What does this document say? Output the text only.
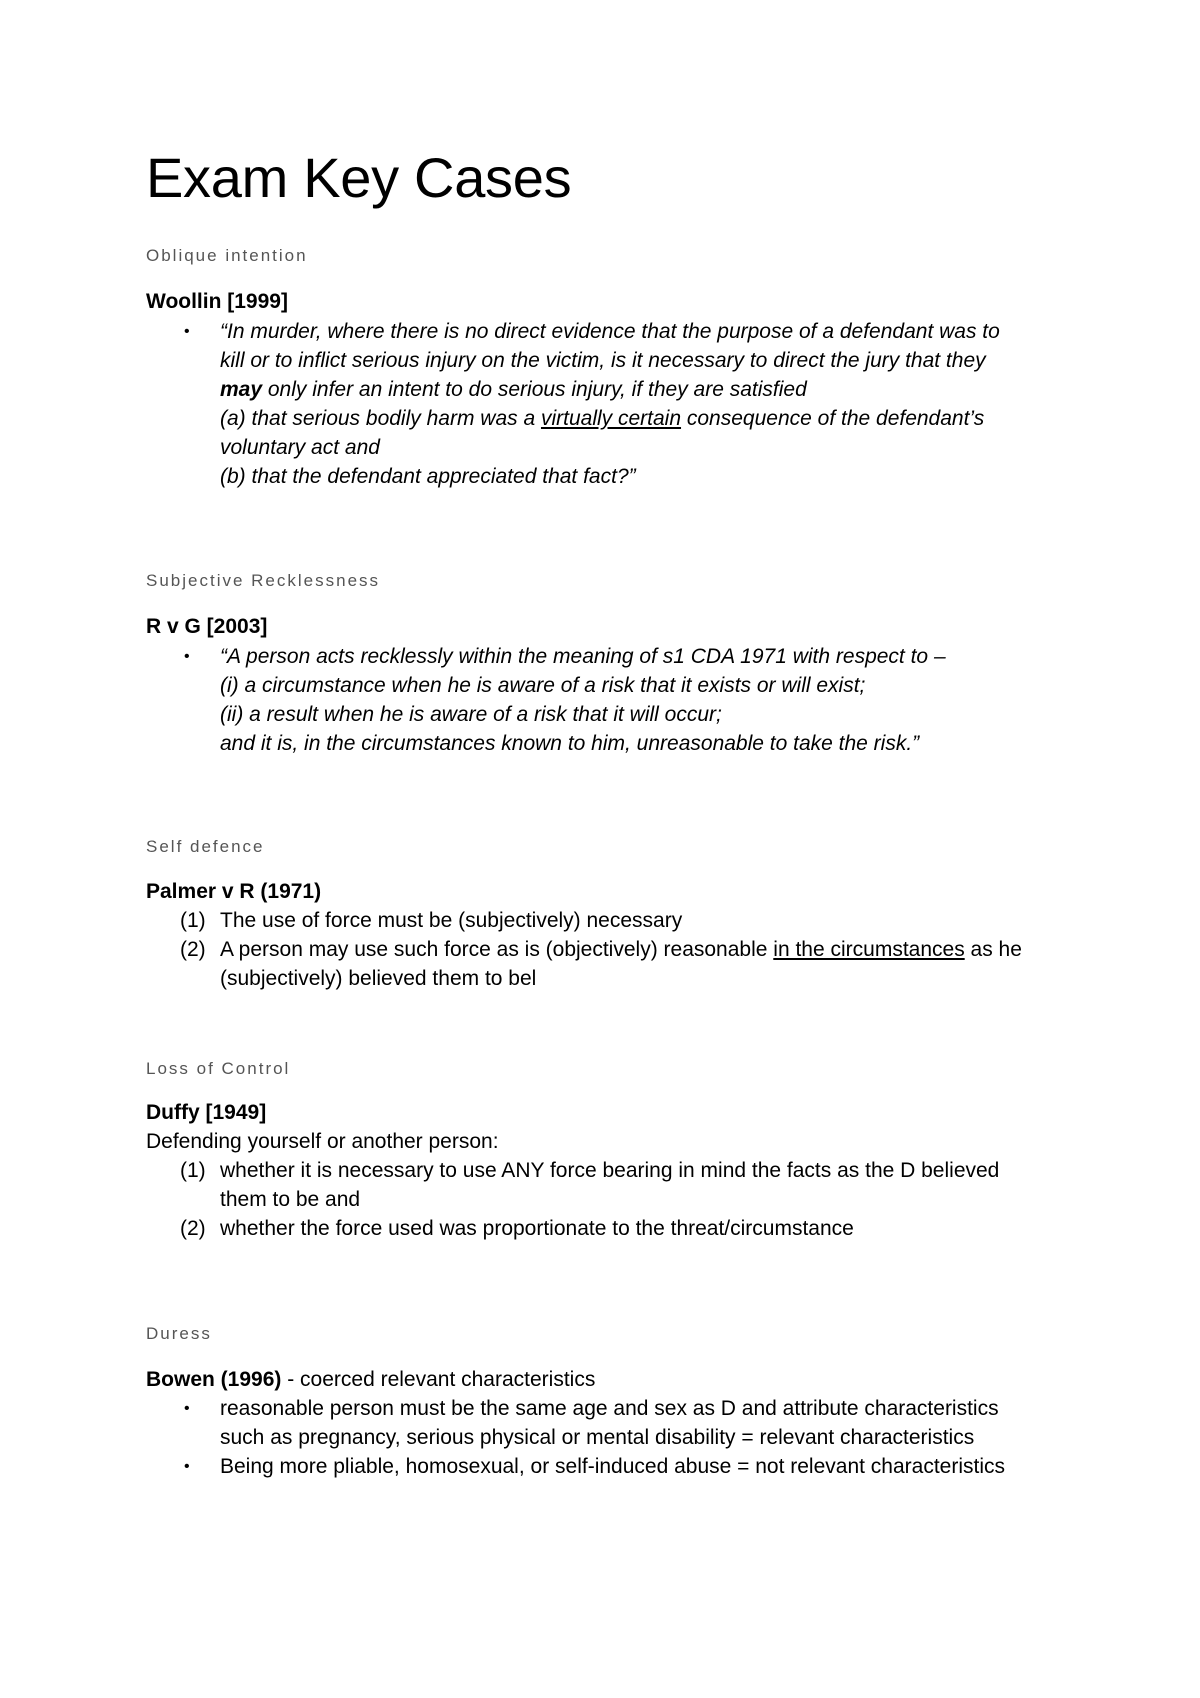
Exam Key Cases
Oblique intention

Woollin [1999]

• “In murder, where there is no direct evidence that the purpose of a defendant was to

kill or to inflict serious injury on the victim, is it necessary to direct the jury that they

may only infer an intent to do serious injury, if they are satisfied

(a) that serious bodily harm was a virtually certain consequence of the defendant’s

voluntary act and

(b) that the defendant appreciated that fact?”

Subjective Recklessness

R v G [2003]

• “A person acts recklessly within the meaning of s1 CDA 1971 with respect to –

(i) a circumstance when he is aware of a risk that it exists or will exist;

(ii) a result when he is aware of a risk that it will occur;

and it is, in the circumstances known to him, unreasonable to take the risk.”

Self defence

Palmer v R (1971)

(1) The use of force must be (subjectively) necessary

(2) A person may use such force as is (objectively) reasonable in the circumstances as he

(subjectively) believed them to bel

Loss of Control

Duffy [1949]

Defending yourself or another person:

(1) whether it is necessary to use ANY force bearing in mind the facts as the D believed

them to be and

(2) whether the force used was proportionate to the threat/circumstance

Duress

Bowen (1996) - coerced relevant characteristics

• reasonable person must be the same age and sex as D and attribute characteristics

such as pregnancy, serious physical or mental disability = relevant characteristics

• Being more pliable, homosexual, or self-induced abuse = not relevant characteristics
